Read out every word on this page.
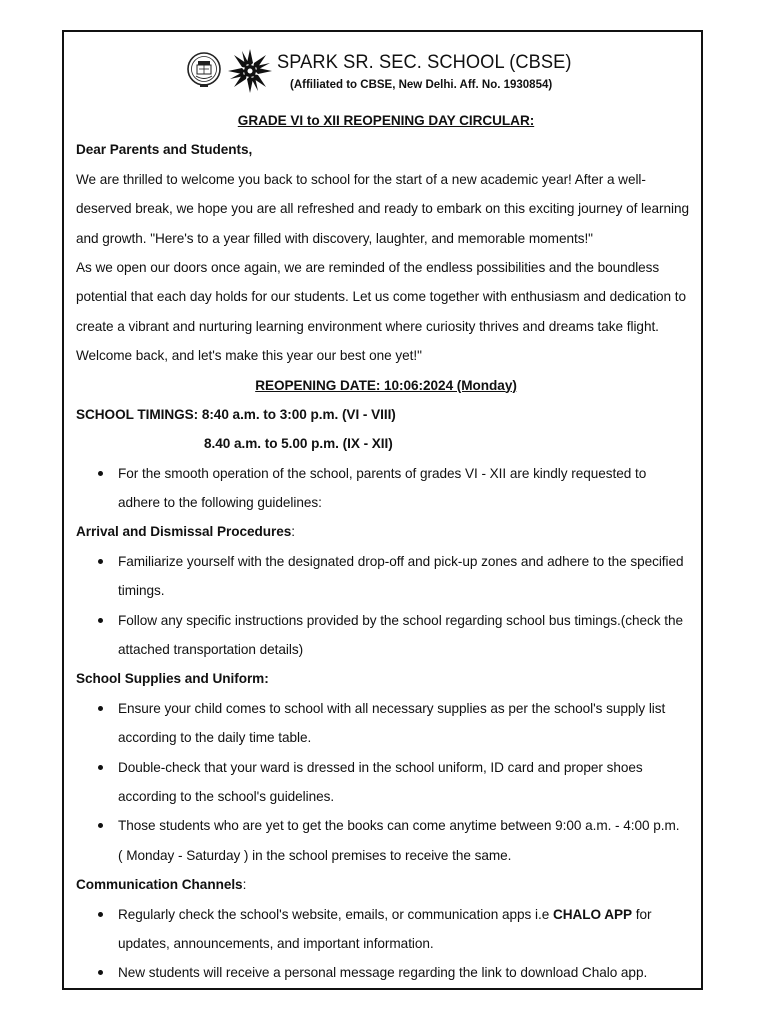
SPARK SR. SEC. SCHOOL (CBSE)
(Affiliated to CBSE, New Delhi. Aff. No. 1930854)
GRADE VI to XII REOPENING DAY CIRCULAR:
Dear Parents and Students,
We are thrilled to welcome you back to school for the start of a new academic year! After a well-
deserved break, we hope you are all refreshed and ready to embark on this exciting journey of learning
and growth. "Here's to a year filled with discovery, laughter, and memorable moments!"
As we open our doors once again, we are reminded of the endless possibilities and the boundless
potential that each day holds for our students. Let us come together with enthusiasm and dedication to
create a vibrant and nurturing learning environment where curiosity thrives and dreams take flight.
Welcome back, and let's make this year our best one yet!"
REOPENING DATE: 10:06:2024 (Monday)
SCHOOL TIMINGS: 8:40 a.m. to 3:00 p.m. (VI - VIII)
8.40 a.m. to 5.00 p.m. (IX - XII)
For the smooth operation of the school, parents of grades VI - XII are kindly requested to
adhere to the following guidelines:
Arrival and Dismissal Procedures:
Familiarize yourself with the designated drop-off and pick-up zones and adhere to the specified
timings.
Follow any specific instructions provided by the school regarding school bus timings.(check the
attached transportation details)
School Supplies and Uniform:
Ensure your child comes to school with all necessary supplies as per the school's supply list
according to the daily time table.
Double-check that your ward is dressed in the school uniform, ID card and proper shoes
according to the school's guidelines.
Those students who are yet to get the books can come anytime between 9:00 a.m. - 4:00 p.m.
( Monday - Saturday ) in the school premises to receive the same.
Communication Channels:
Regularly check the school's website, emails, or communication apps i.e CHALO APP for
updates, announcements, and important information.
New students will receive a personal message regarding the link to download Chalo app.
